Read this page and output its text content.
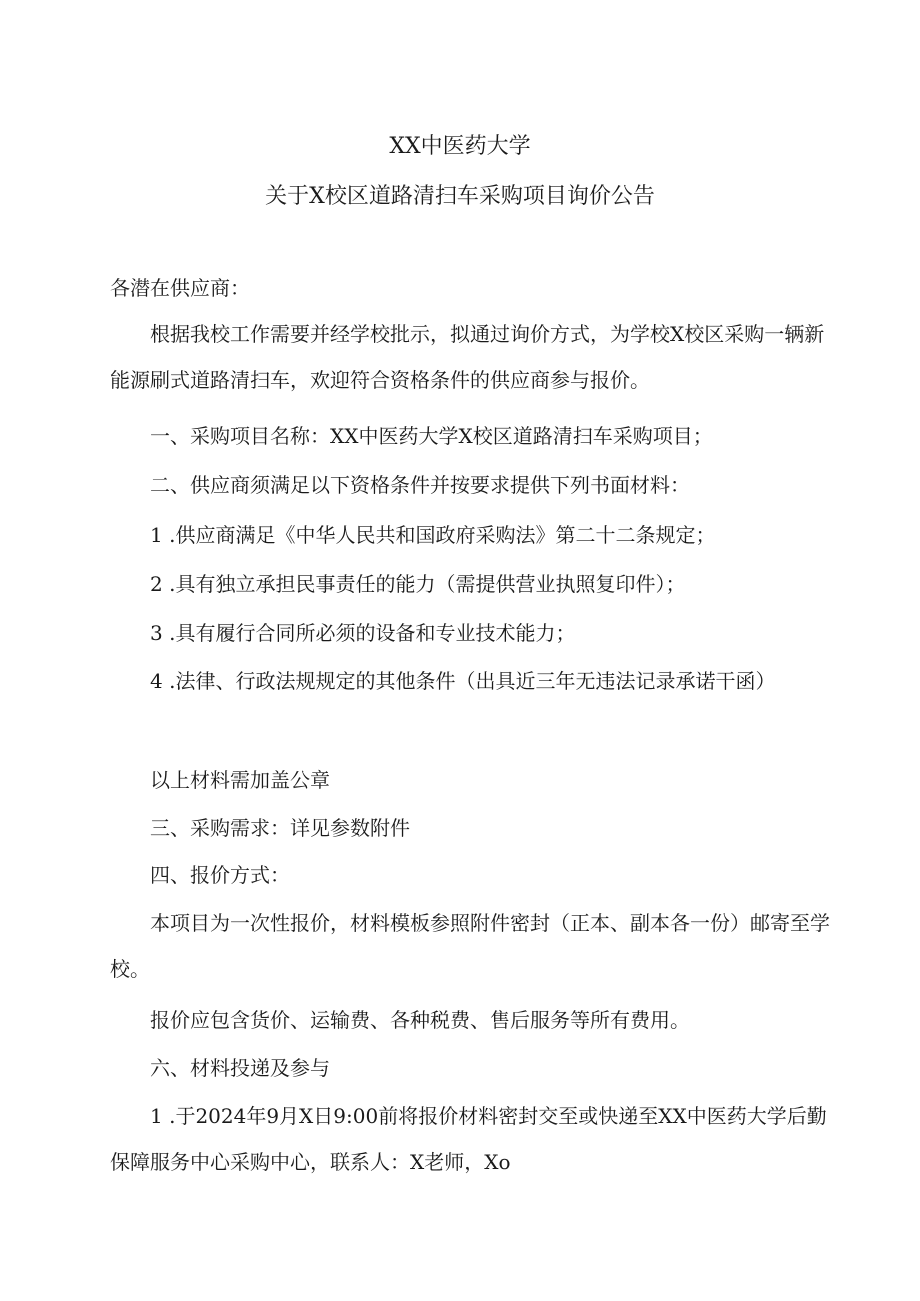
XX中医药大学
关于X校区道路清扫车采购项目询价公告
各潜在供应商：
根据我校工作需要并经学校批示，拟通过询价方式，为学校X校区采购一辆新能源刷式道路清扫车，欢迎符合资格条件的供应商参与报价。
一、采购项目名称：XX中医药大学X校区道路清扫车采购项目；
二、供应商须满足以下资格条件并按要求提供下列书面材料：
1 .供应商满足《中华人民共和国政府采购法》第二十二条规定；
2 .具有独立承担民事责任的能力（需提供营业执照复印件）；
3 .具有履行合同所必须的设备和专业技术能力；
4 .法律、行政法规规定的其他条件（出具近三年无违法记录承诺干函）
以上材料需加盖公章
三、采购需求：详见参数附件
四、报价方式：
本项目为一次性报价，材料模板参照附件密封（正本、副本各一份）邮寄至学校。
报价应包含货价、运输费、各种税费、售后服务等所有费用。
六、材料投递及参与
1 .于2024年9月X日9:00前将报价材料密封交至或快递至XX中医药大学后勤保障服务中心采购中心，联系人：X老师，Xo
